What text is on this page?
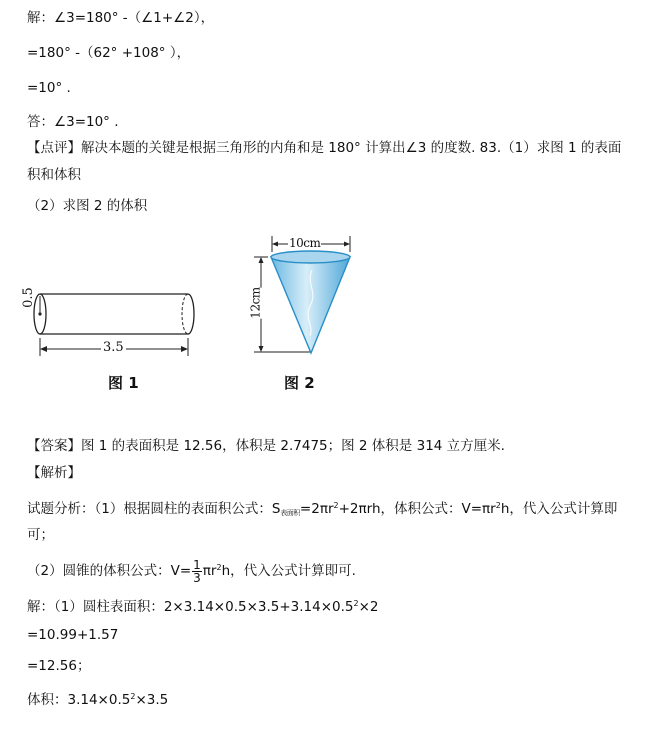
解：∠3=180° -（∠1+∠2），
=180° -（62° +108° ），
=10° .
答：∠3=10° .
【点评】解决本题的关键是根据三角形的内角和是 180° 计算出∠3 的度数. 83.（1）求图 1 的表面
积和体积
（2）求图 2 的体积
0.5
3.5
图 1
10cm
12cm
图 2
【答案】图 1 的表面积是 12.56，体积是 2.7475；图 2 体积是 314 立方厘米.
【解析】
试题分析：（1）根据圆柱的表面积公式：$S_{表面积}=2\pi r^2+2\pi rh$，体积公式：$V=\pi r^2h$，代入公式计算即
可；
（2）圆锥的体积公式：$V= \frac{1}{3} \pi r^2h$，代入公式计算即可.
解：（1）圆柱表面积：$2\times 3.14\times 0.5\times 3.5+3.14\times 0.5^2\times 2$
=10.99+1.57
=12.56；
体积：$3.14\times 0.5^2\times 3.5$
